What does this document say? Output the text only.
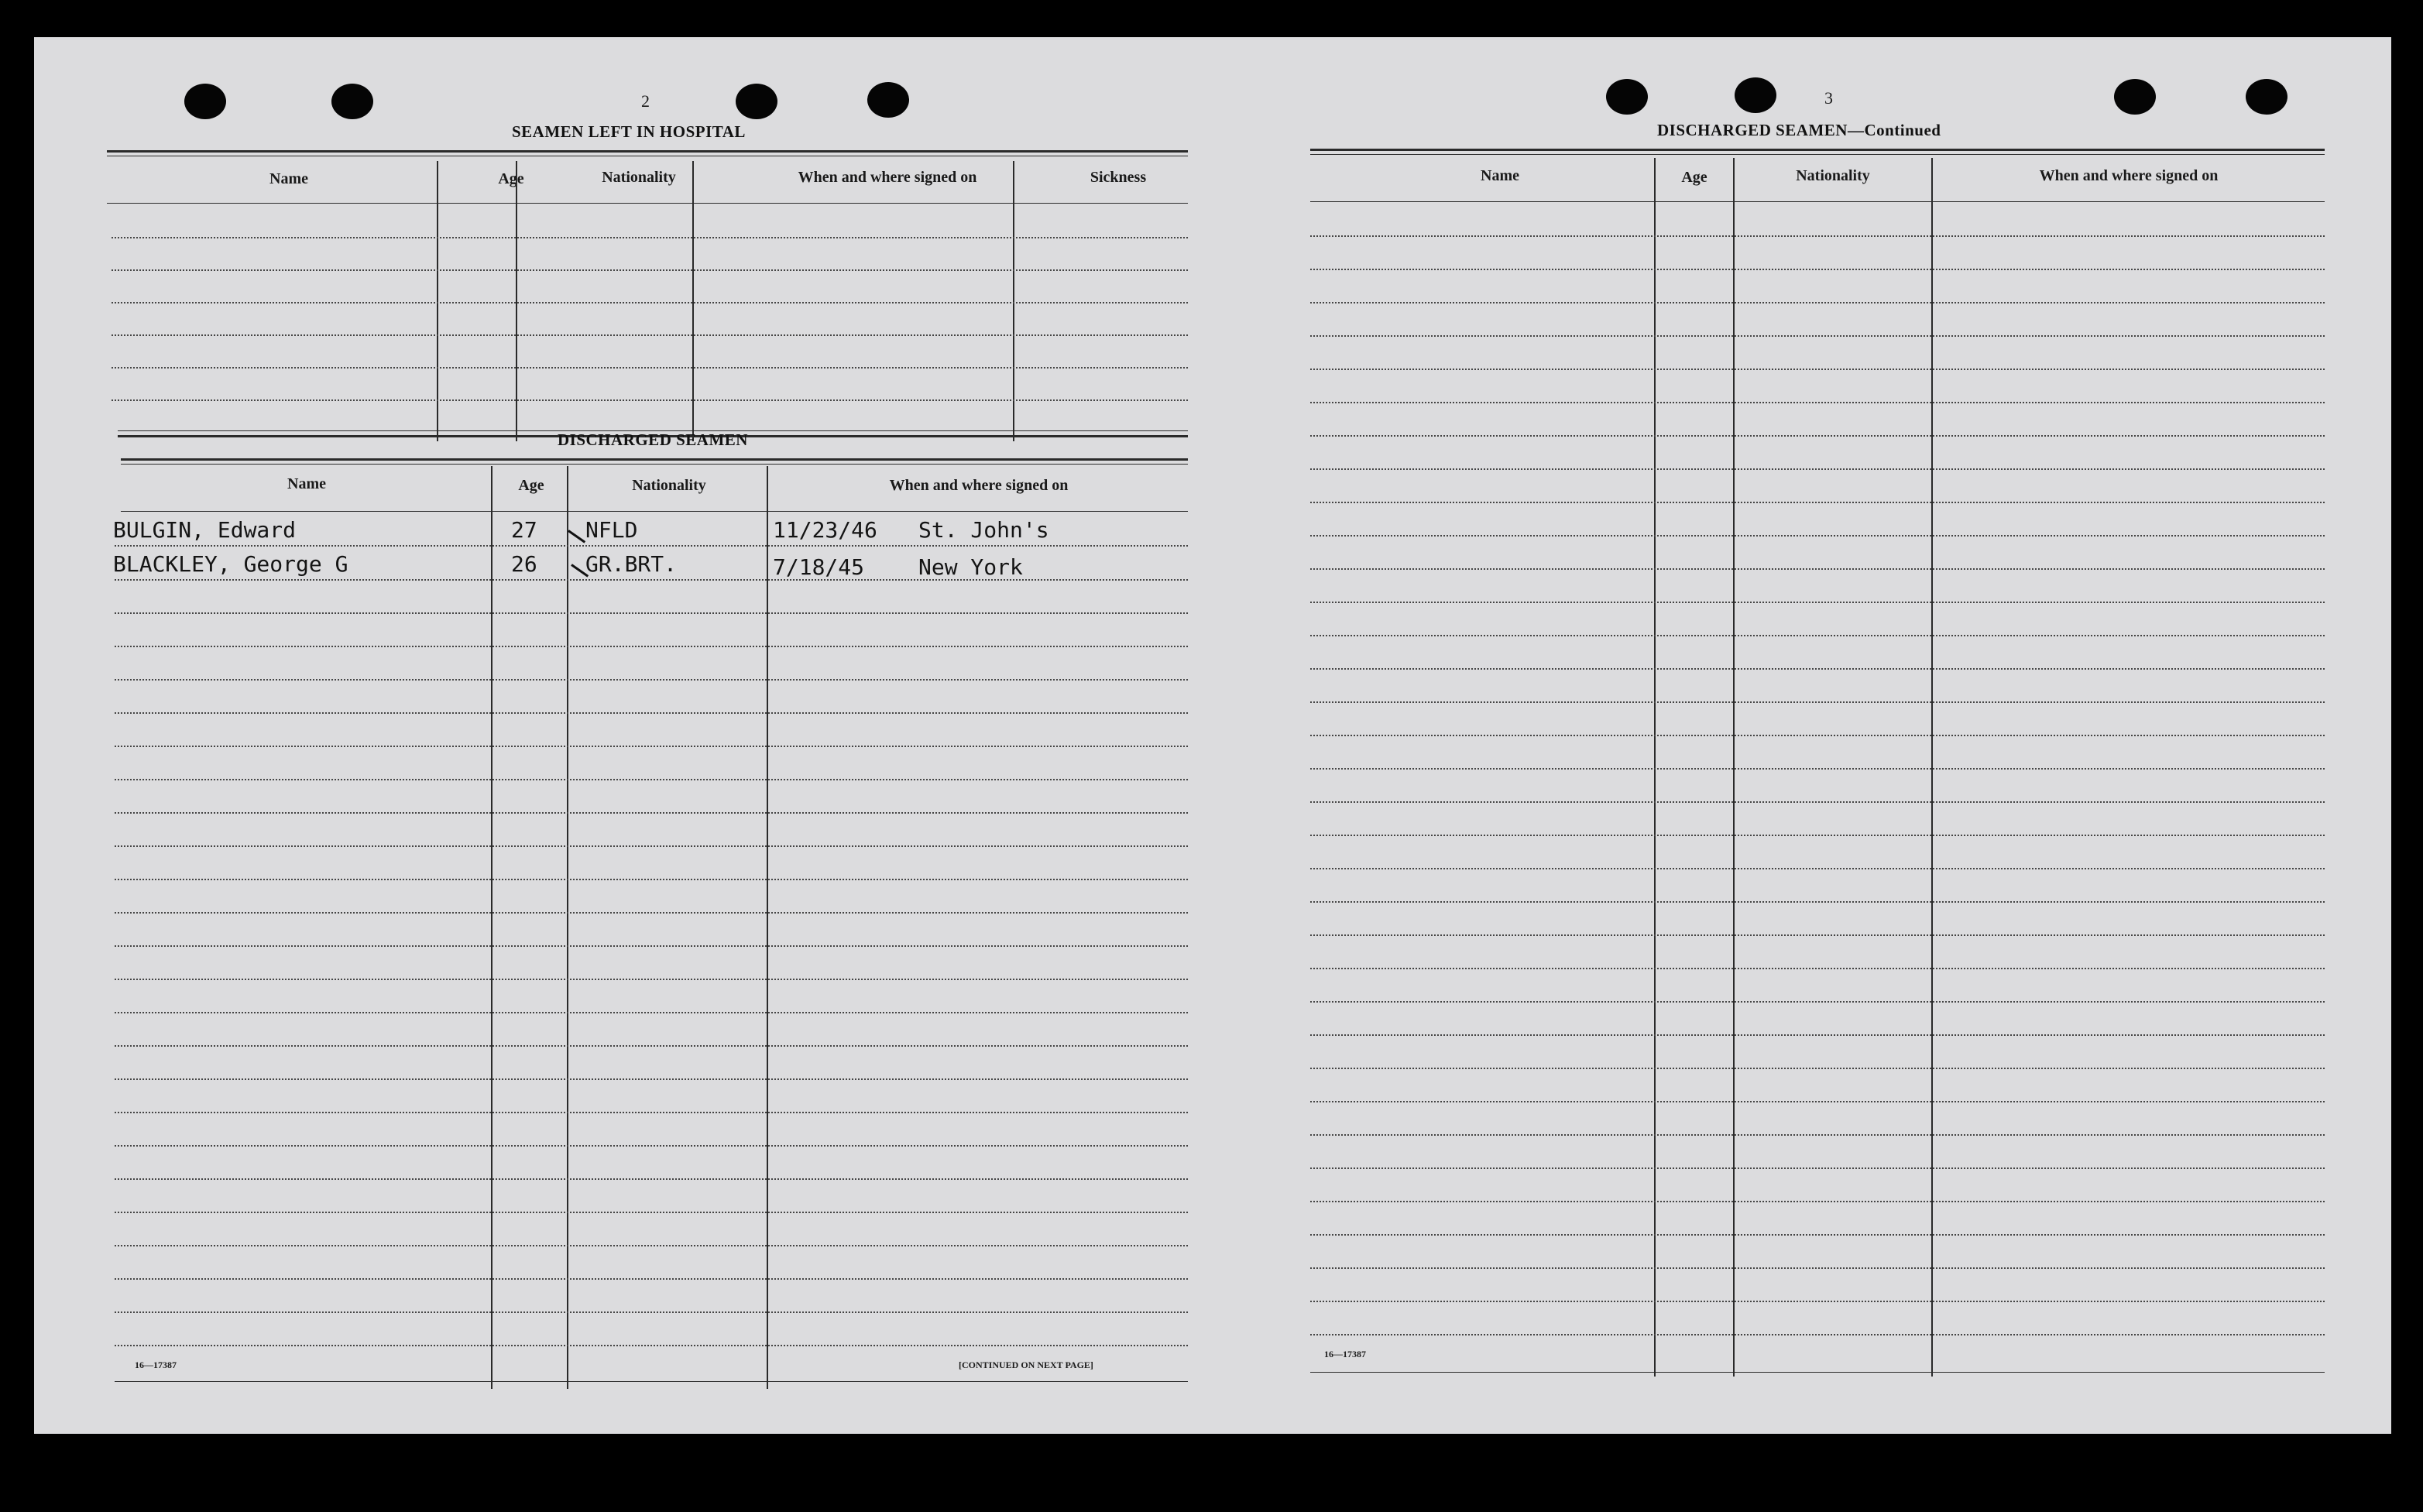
2
SEAMEN LEFT IN HOSPITAL
Name	Age	Nationality	When and where signed on	Sickness
DISCHARGED SEAMEN
Name	Age	Nationality	When and where signed on
BULGIN, Edward	27 NFLD	11/23/46 St. John's
BLACKLEY, George G	26 GR.BRT.	7/18/45 New York
16—17387	[CONTINUED ON NEXT PAGE]
3
DISCHARGED SEAMEN—Continued
Name	Age	Nationality	When and where signed on
16—17387
